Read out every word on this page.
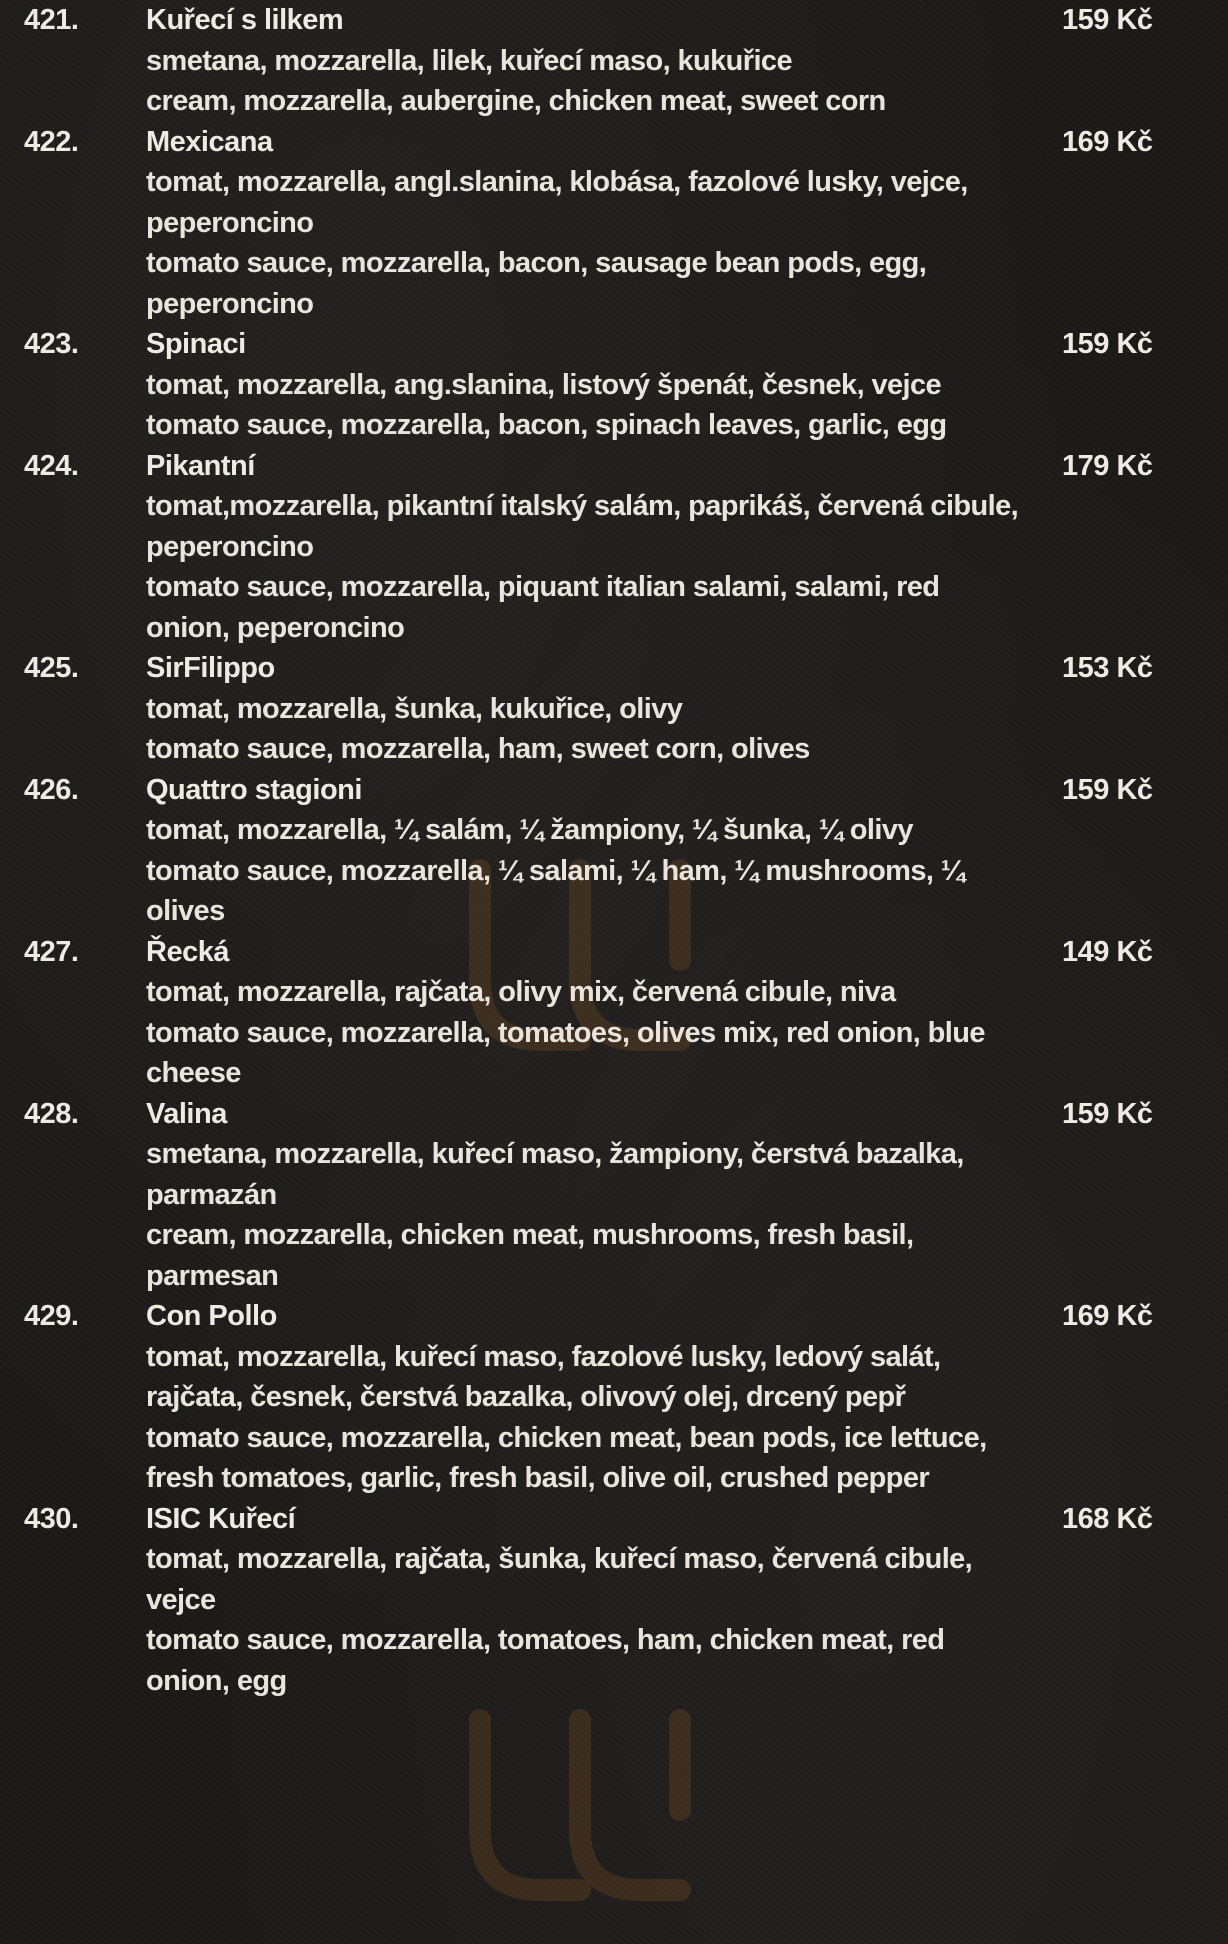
421. Kuřecí s lilkem	159 Kč
smetana, mozzarella, lilek, kuřecí maso, kukuřice
cream, mozzarella, aubergine, chicken meat, sweet corn
422. Mexicana	169 Kč
tomat, mozzarella, angl.slanina, klobása, fazolové lusky, vejce, peperoncino
tomato sauce, mozzarella, bacon, sausage bean pods, egg, peperoncino
423. Spinaci	159 Kč
tomat, mozzarella, ang.slanina, listový špenát, česnek, vejce
tomato sauce, mozzarella, bacon, spinach leaves, garlic, egg
424. Pikantní	179 Kč
tomat,mozzarella, pikantní italský salám, paprikáš, červená cibule, peperoncino
tomato sauce, mozzarella, piquant italian salami, salami, red onion, peperoncino
425. SirFilippo	153 Kč
tomat, mozzarella, šunka, kukuřice, olivy
tomato sauce, mozzarella, ham, sweet corn, olives
426. Quattro stagioni	159 Kč
tomat, mozzarella, ¼ salám, ¼ žampiony, ¼ šunka, ¼ olivy
tomato sauce, mozzarella, ¼ salami, ¼ ham, ¼ mushrooms, ¼ olives
427. Řecká	149 Kč
tomat, mozzarella, rajčata, olivy mix, červená cibule, niva
tomato sauce, mozzarella, tomatoes, olives mix, red onion, blue cheese
428. Valina	159 Kč
smetana, mozzarella, kuřecí maso, žampiony, čerstvá bazalka, parmazán
cream, mozzarella, chicken meat, mushrooms, fresh basil, parmesan
429. Con Pollo	169 Kč
tomat, mozzarella, kuřecí maso, fazolové lusky, ledový salát, rajčata, česnek, čerstvá bazalka, olivový olej, drcený pepř
tomato sauce, mozzarella, chicken meat, bean pods, ice lettuce, fresh tomatoes, garlic, fresh basil, olive oil, crushed pepper
430. ISIC Kuřecí	168 Kč
tomat, mozzarella, rajčata, šunka, kuřecí maso, červená cibule, vejce
tomato sauce, mozzarella, tomatoes, ham, chicken meat, red onion, egg
